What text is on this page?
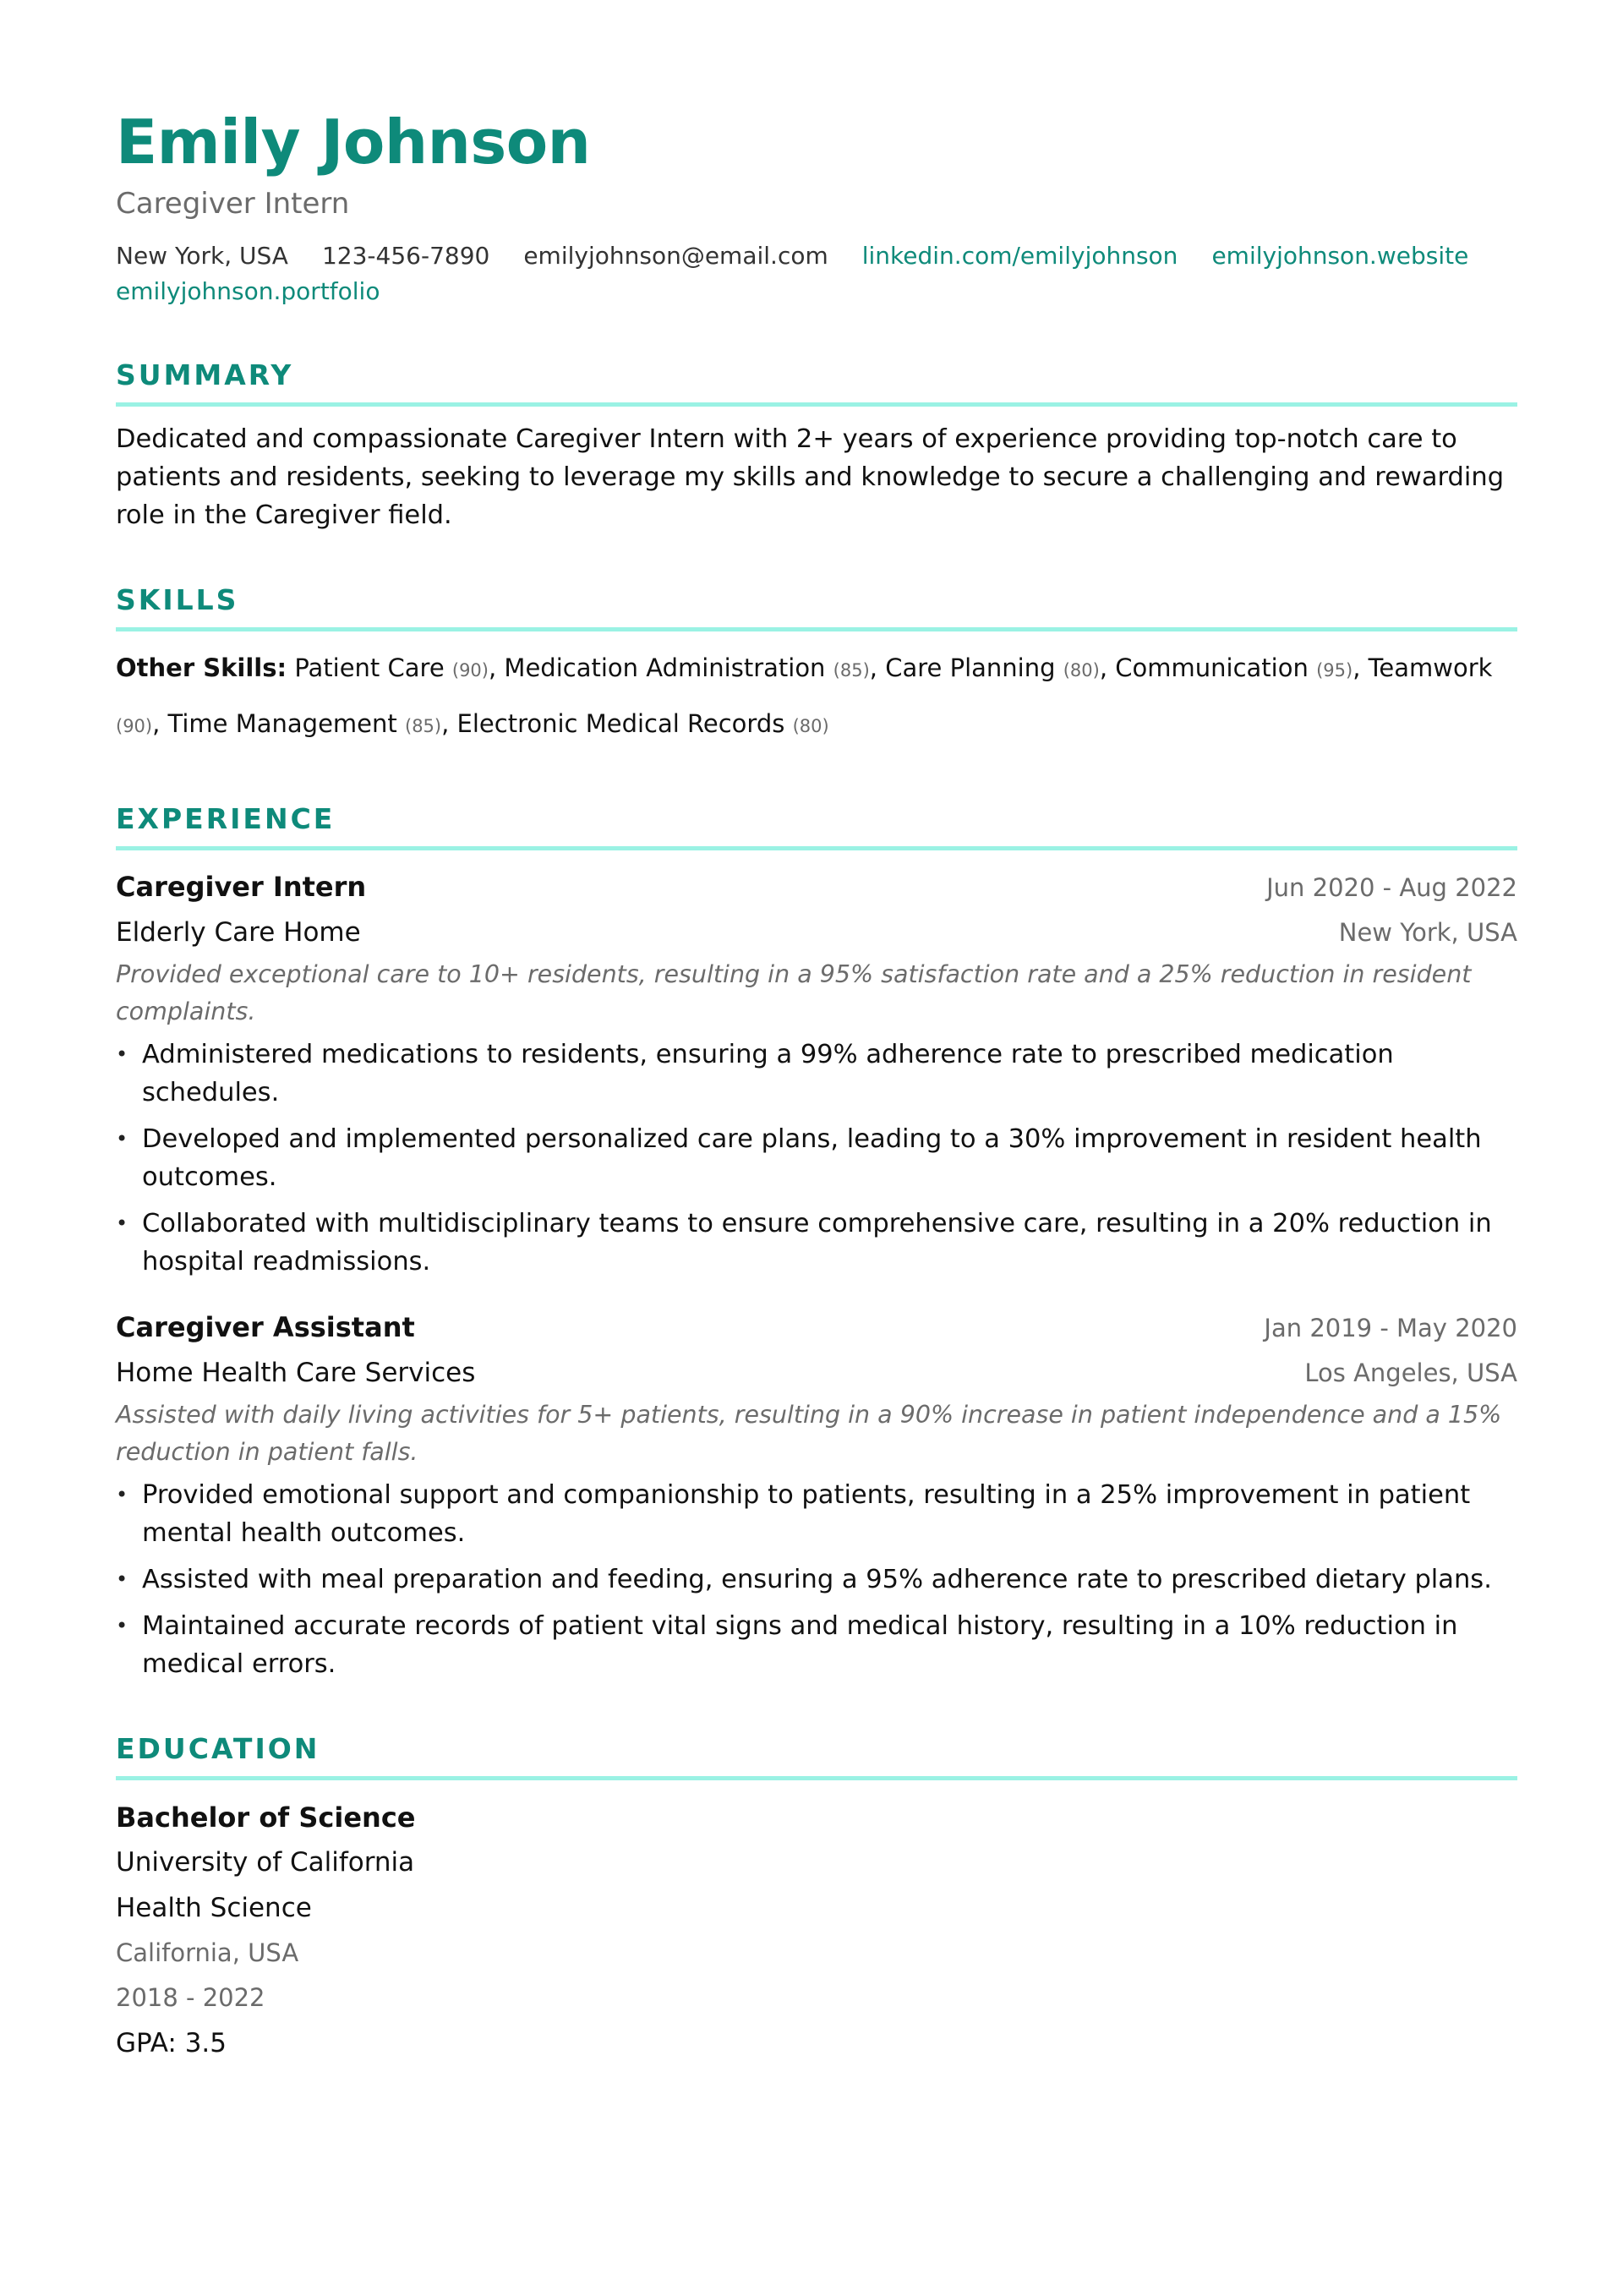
Emily Johnson
Caregiver Intern
New York, USA 123-456-7890 emilyjohnson@email.com linkedin.com/emilyjohnson emilyjohnson.website
emilyjohnson.portfolio
SUMMARY
Dedicated and compassionate Caregiver Intern with 2+ years of experience providing top-notch care to patients and residents, seeking to leverage my skills and knowledge to secure a challenging and rewarding role in the Caregiver field.
SKILLS
Other Skills: Patient Care (90), Medication Administration (85), Care Planning (80), Communication (95), Teamwork (90), Time Management (85), Electronic Medical Records (80)
EXPERIENCE
Caregiver Intern	Jun 2020 - Aug 2022
Elderly Care Home	New York, USA
Provided exceptional care to 10+ residents, resulting in a 95% satisfaction rate and a 25% reduction in resident complaints.
• Administered medications to residents, ensuring a 99% adherence rate to prescribed medication schedules.
• Developed and implemented personalized care plans, leading to a 30% improvement in resident health outcomes.
• Collaborated with multidisciplinary teams to ensure comprehensive care, resulting in a 20% reduction in hospital readmissions.
Caregiver Assistant	Jan 2019 - May 2020
Home Health Care Services	Los Angeles, USA
Assisted with daily living activities for 5+ patients, resulting in a 90% increase in patient independence and a 15% reduction in patient falls.
• Provided emotional support and companionship to patients, resulting in a 25% improvement in patient mental health outcomes.
• Assisted with meal preparation and feeding, ensuring a 95% adherence rate to prescribed dietary plans.
• Maintained accurate records of patient vital signs and medical history, resulting in a 10% reduction in medical errors.
EDUCATION
Bachelor of Science
University of California
Health Science
California, USA
2018 - 2022
GPA: 3.5
